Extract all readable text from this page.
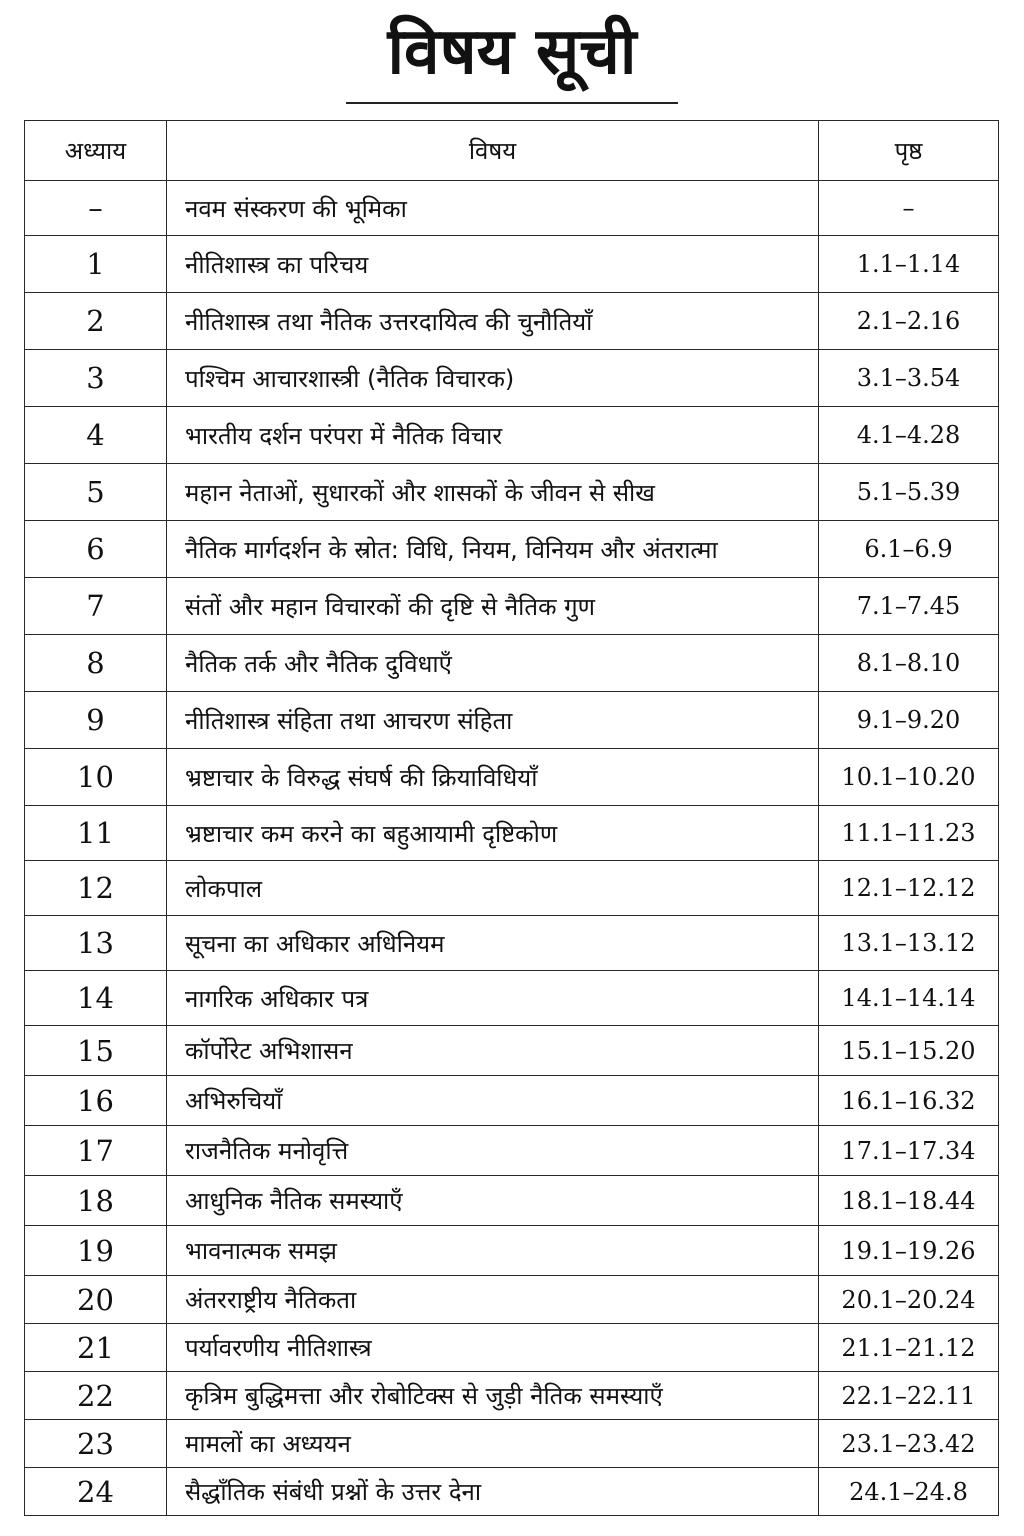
विषय सूची
अध्याय	विषय	पृष्ठ
–	नवम संस्करण की भूमिका	–
1	नीतिशास्त्र का परिचय	1.1–1.14
2	नीतिशास्त्र तथा नैतिक उत्तरदायित्व की चुनौतियाँ	2.1–2.16
3	पश्चिम आचारशास्त्री (नैतिक विचारक)	3.1–3.54
4	भारतीय दर्शन परंपरा में नैतिक विचार	4.1–4.28
5	महान नेताओं, सुधारकों और शासकों के जीवन से सीख	5.1–5.39
6	नैतिक मार्गदर्शन के स्रोत: विधि, नियम, विनियम और अंतरात्मा	6.1–6.9
7	संतों और महान विचारकों की दृष्टि से नैतिक गुण	7.1–7.45
8	नैतिक तर्क और नैतिक दुविधाएँ	8.1–8.10
9	नीतिशास्त्र संहिता तथा आचरण संहिता	9.1–9.20
10	भ्रष्टाचार के विरुद्ध संघर्ष की क्रियाविधियाँ	10.1–10.20
11	भ्रष्टाचार कम करने का बहुआयामी दृष्टिकोण	11.1–11.23
12	लोकपाल	12.1–12.12
13	सूचना का अधिकार अधिनियम	13.1–13.12
14	नागरिक अधिकार पत्र	14.1–14.14
15	कॉर्पोरेट अभिशासन	15.1–15.20
16	अभिरुचियाँ	16.1–16.32
17	राजनैतिक मनोवृत्ति	17.1–17.34
18	आधुनिक नैतिक समस्याएँ	18.1–18.44
19	भावनात्मक समझ	19.1–19.26
20	अंतरराष्ट्रीय नैतिकता	20.1–20.24
21	पर्यावरणीय नीतिशास्त्र	21.1–21.12
22	कृत्रिम बुद्धिमत्ता और रोबोटिक्स से जुड़ी नैतिक समस्याएँ	22.1–22.11
23	मामलों का अध्ययन	23.1–23.42
24	सैद्धाँतिक संबंधी प्रश्नों के उत्तर देना	24.1–24.8
